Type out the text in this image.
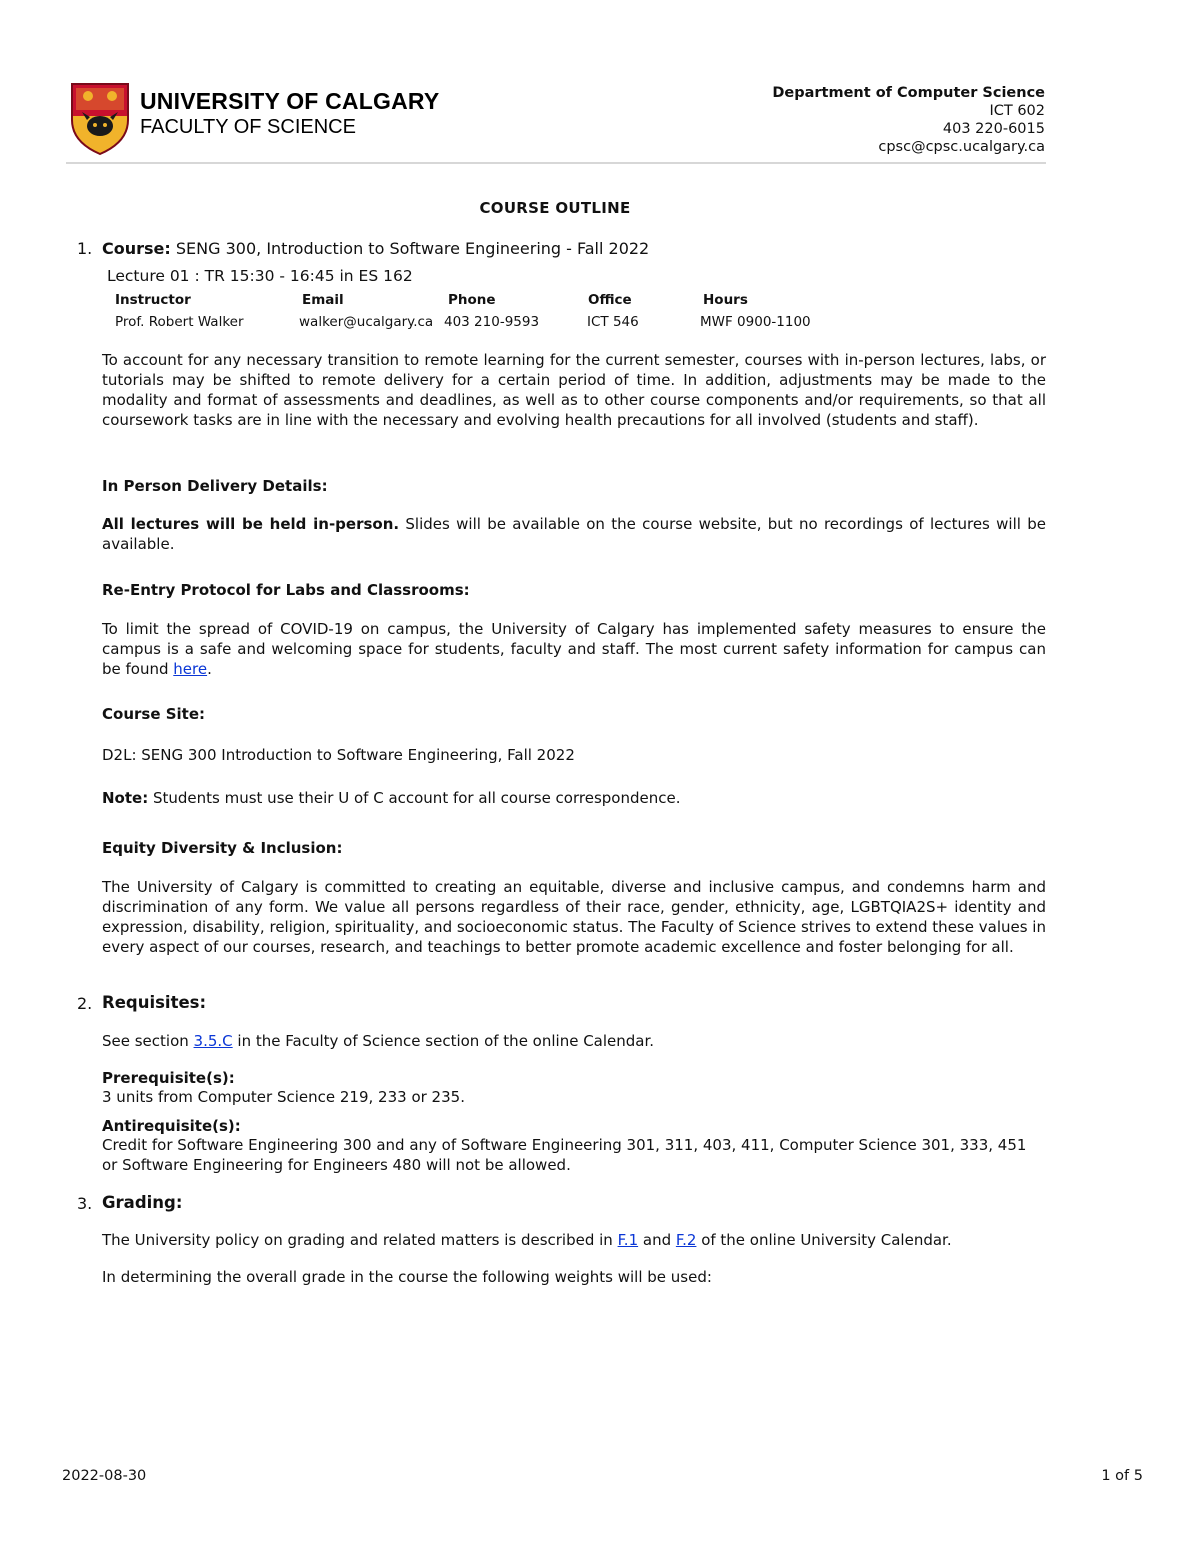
UNIVERSITY OF CALGARY
FACULTY OF SCIENCE
Department of Computer Science
ICT 602
403 220-6015
cpsc@cpsc.ucalgary.ca
COURSE OUTLINE
1. Course: SENG 300, Introduction to Software Engineering - Fall 2022
Lecture 01 : TR 15:30 - 16:45 in ES 162
Instructor	Email	Phone	Office	Hours
Prof. Robert Walker	walker@ucalgary.ca 403 210-9593	ICT 546	MWF 0900-1100
To account for any necessary transition to remote learning for the current semester, courses with in-person lectures, labs, or tutorials may be shifted to remote delivery for a certain period of time. In addition, adjustments may be made to the modality and format of assessments and deadlines, as well as to other course components and/or requirements, so that all coursework tasks are in line with the necessary and evolving health precautions for all involved (students and staff).
In Person Delivery Details:
All lectures will be held in-person. Slides will be available on the course website, but no recordings of lectures will be available.
Re-Entry Protocol for Labs and Classrooms:
To limit the spread of COVID-19 on campus, the University of Calgary has implemented safety measures to ensure the campus is a safe and welcoming space for students, faculty and staff. The most current safety information for campus can be found here.
Course Site:
D2L: SENG 300 Introduction to Software Engineering, Fall 2022
Note: Students must use their U of C account for all course correspondence.
Equity Diversity & Inclusion:
The University of Calgary is committed to creating an equitable, diverse and inclusive campus, and condemns harm and discrimination of any form. We value all persons regardless of their race, gender, ethnicity, age, LGBTQIA2S+ identity and expression, disability, religion, spirituality, and socioeconomic status. The Faculty of Science strives to extend these values in every aspect of our courses, research, and teachings to better promote academic excellence and foster belonging for all.
2. Requisites:
See section 3.5.C in the Faculty of Science section of the online Calendar.
Prerequisite(s):
3 units from Computer Science 219, 233 or 235.
Antirequisite(s):
Credit for Software Engineering 300 and any of Software Engineering 301, 311, 403, 411, Computer Science 301, 333, 451 or Software Engineering for Engineers 480 will not be allowed.
3. Grading:
The University policy on grading and related matters is described in F.1 and F.2 of the online University Calendar.
In determining the overall grade in the course the following weights will be used:
2022-08-30	1 of 5
